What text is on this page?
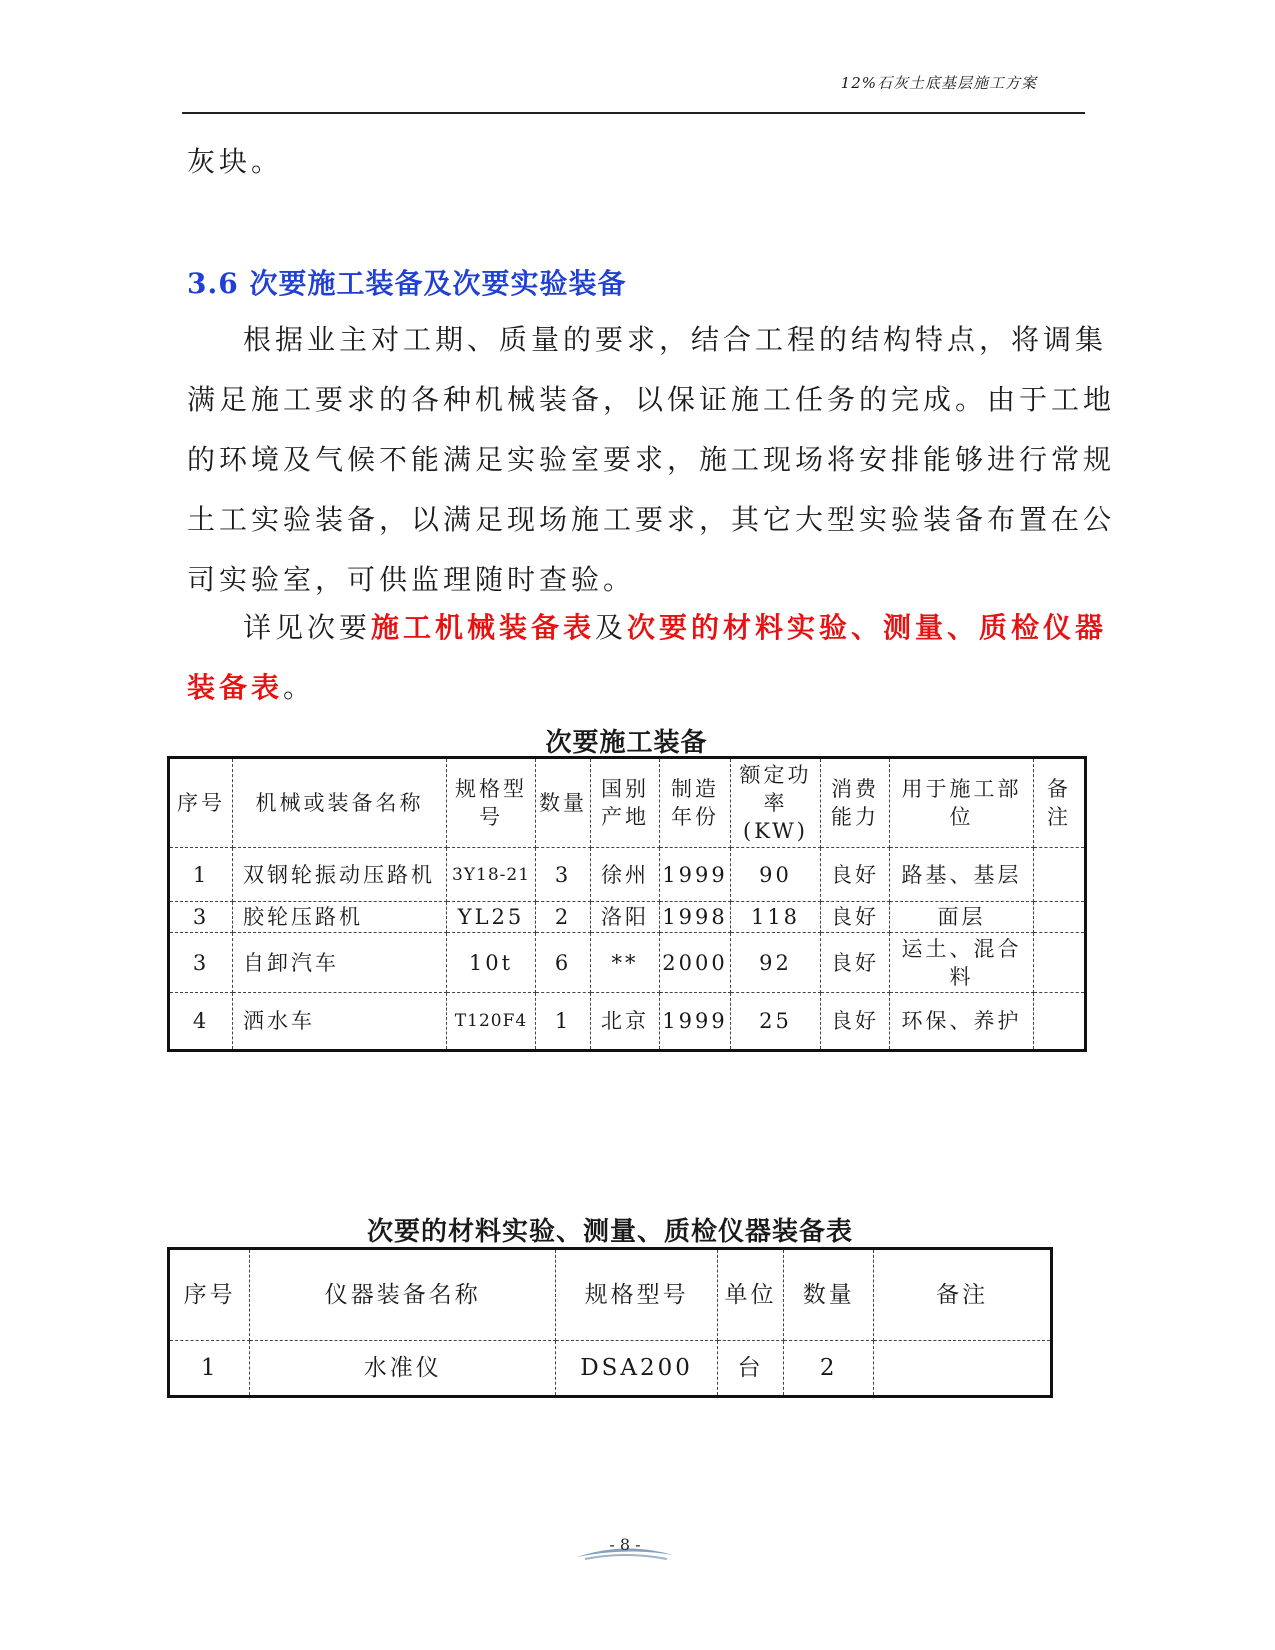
12%石灰土底基层施工方案
灰块。
3.6 次要施工装备及次要实验装备
根据业主对工期、质量的要求，结合工程的结构特点，将调集
满足施工要求的各种机械装备，以保证施工任务的完成。由于工地
的环境及气候不能满足实验室要求，施工现场将安排能够进行常规
土工实验装备，以满足现场施工要求，其它大型实验装备布置在公
司实验室，可供监理随时查验。
详见次要施工机械装备表及次要的材料实验、测量、质检仪器
装备表。
次要施工装备
序号	机械或装备名称	规格型号	数量	国别产地	制造年份	额定功率(KW)	消费能力	用于施工部位	备注
1	双钢轮振动压路机	3Y18-21	3	徐州	1999	90	良好	路基、基层	
3	胶轮压路机	YL25	2	洛阳	1998	118	良好	面层	
3	自卸汽车	10t	6	**	2000	92	良好	运土、混合料	
4	洒水车	T120F4	1	北京	1999	25	良好	环保、养护	
次要的材料实验、测量、质检仪器装备表
序号	仪器装备名称	规格型号	单位	数量	备注
1	水准仪	DSA200	台	2	
- 8 -
